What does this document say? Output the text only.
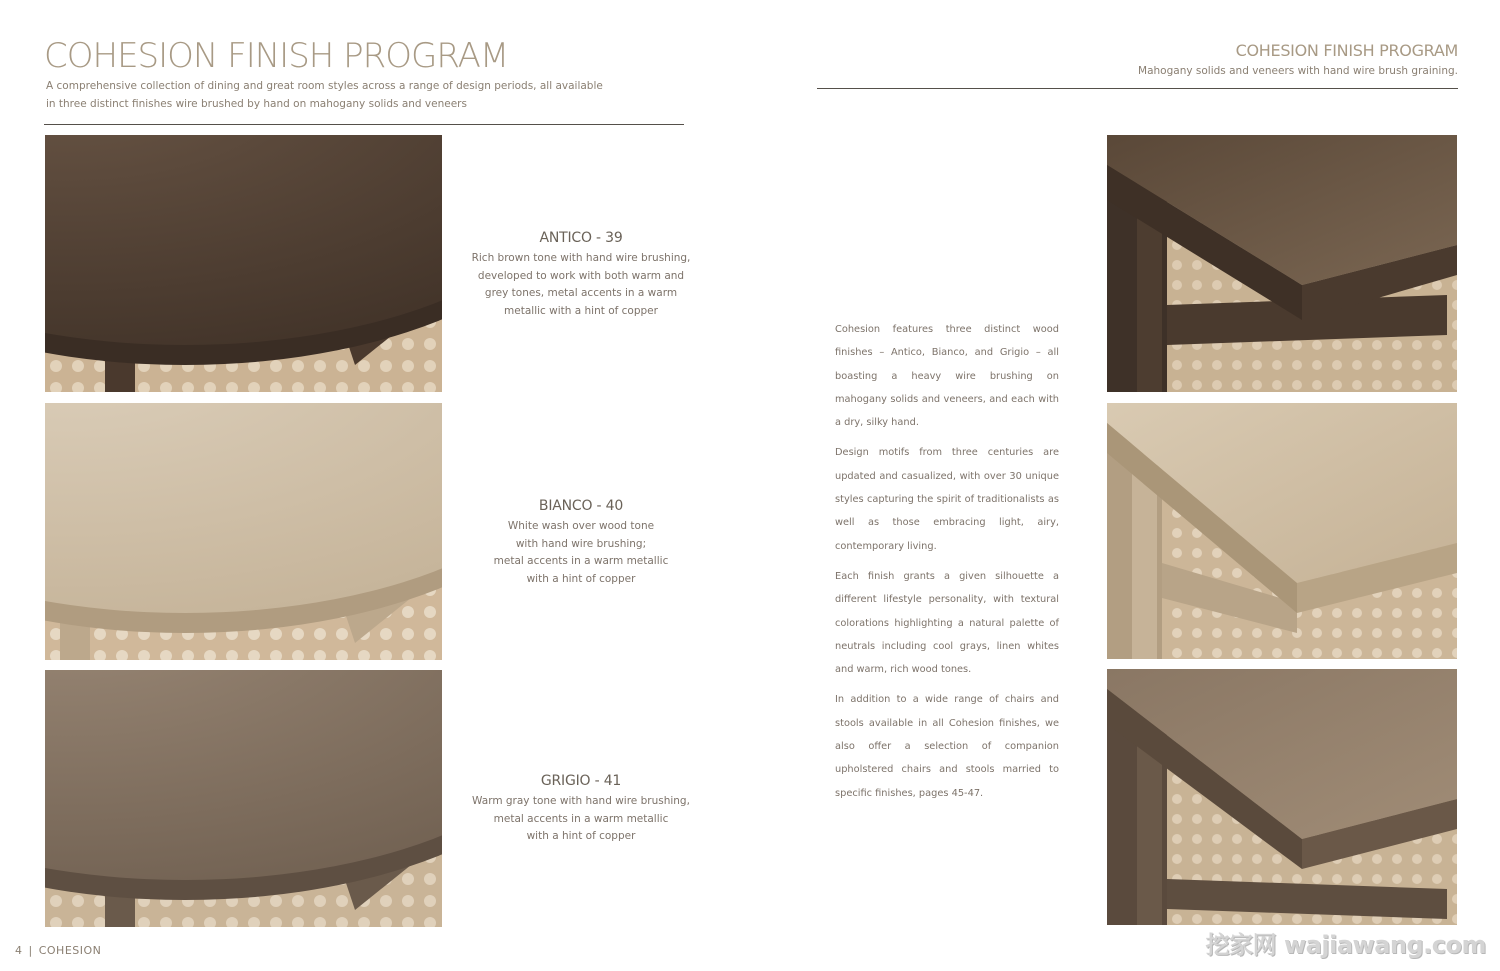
COHESION FINISH PROGRAM
A comprehensive collection of dining and great room styles across a range of design periods, all available
in three distinct finishes wire brushed by hand on mahogany solids and veneers
COHESION FINISH PROGRAM
Mahogany solids and veneers with hand wire brush graining.
ANTICO - 39
Rich brown tone with hand wire brushing,
developed to work with both warm and
grey tones, metal accents in a warm
metallic with a hint of copper
BIANCO - 40
White wash over wood tone
with hand wire brushing;
metal accents in a warm metallic
with a hint of copper
GRIGIO - 41
Warm gray tone with hand wire brushing,
metal accents in a warm metallic
with a hint of copper

Cohesion features three distinct wood finishes – Antico, Bianco, and Grigio – all boasting a heavy wire brushing on mahogany solids and veneers, and each with a dry, silky hand.

Design motifs from three centuries are updated and casualized, with over 30 unique styles capturing the spirit of traditionalists as well as those embracing light, airy, contemporary living.

Each finish grants a given silhouette a different lifestyle personality, with textural colorations highlighting a natural palette of neutrals including cool grays, linen whites and warm, rich wood tones.

In addition to a wide range of chairs and stools available in all Cohesion finishes, we also offer a selection of companion upholstered chairs and stools married to specific finishes, pages 45-47.

4 | COHESION	挖家网 wajiawang.com
